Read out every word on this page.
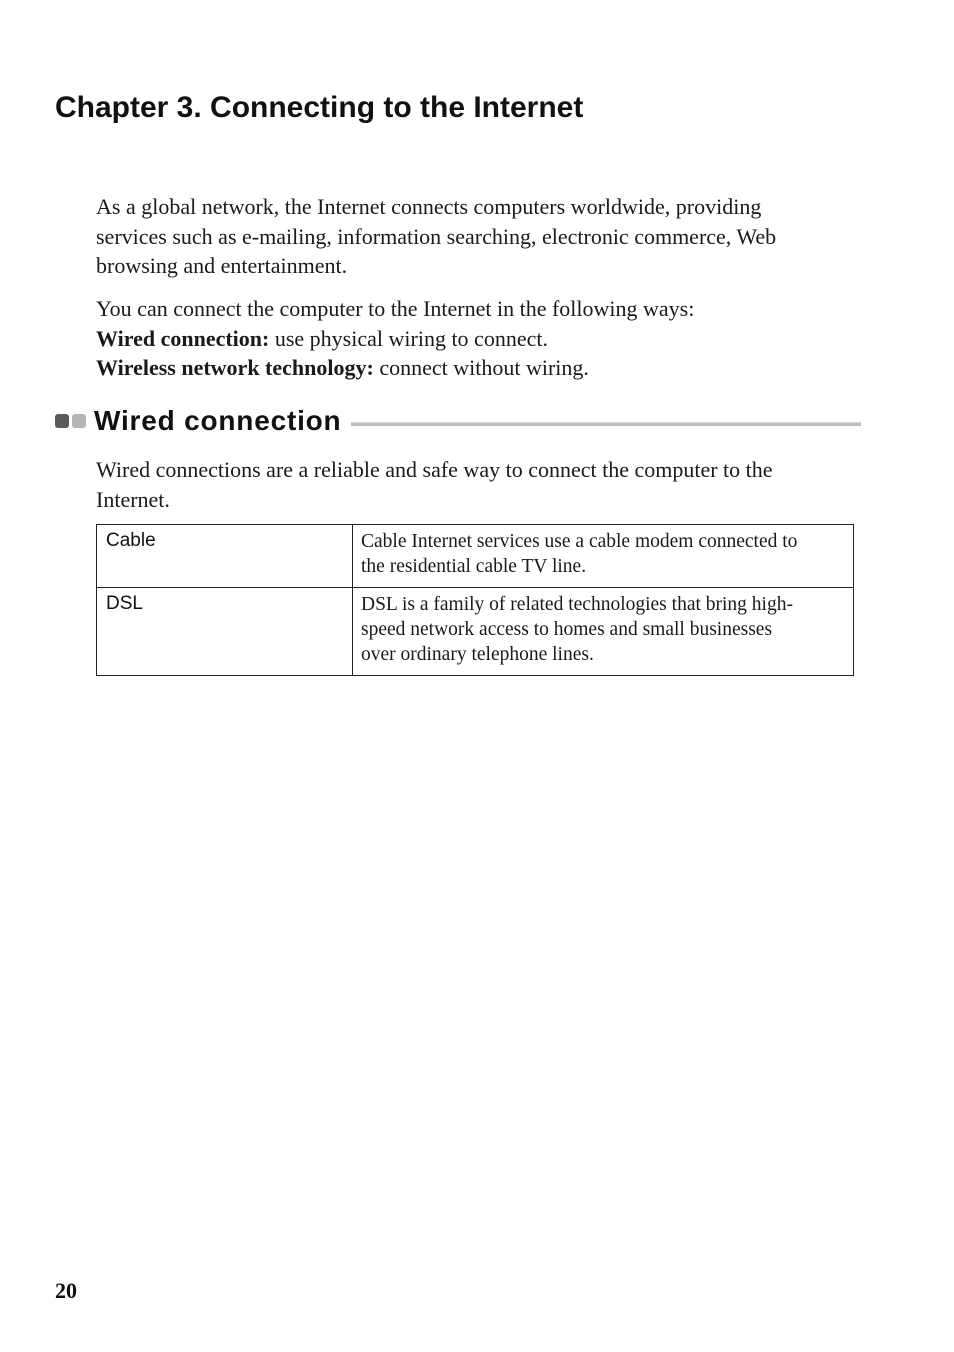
Chapter 3. Connecting to the Internet

As a global network, the Internet connects computers worldwide, providing
services such as e-mailing, information searching, electronic commerce, Web
browsing and entertainment.

You can connect the computer to the Internet in the following ways:
Wired connection: use physical wiring to connect.
Wireless network technology: connect without wiring.

Wired connection

Wired connections are a reliable and safe way to connect the computer to the
Internet.

Cable	Cable Internet services use a cable modem connected to
the residential cable TV line.

DSL	DSL is a family of related technologies that bring high-
speed network access to homes and small businesses
over ordinary telephone lines.

20
